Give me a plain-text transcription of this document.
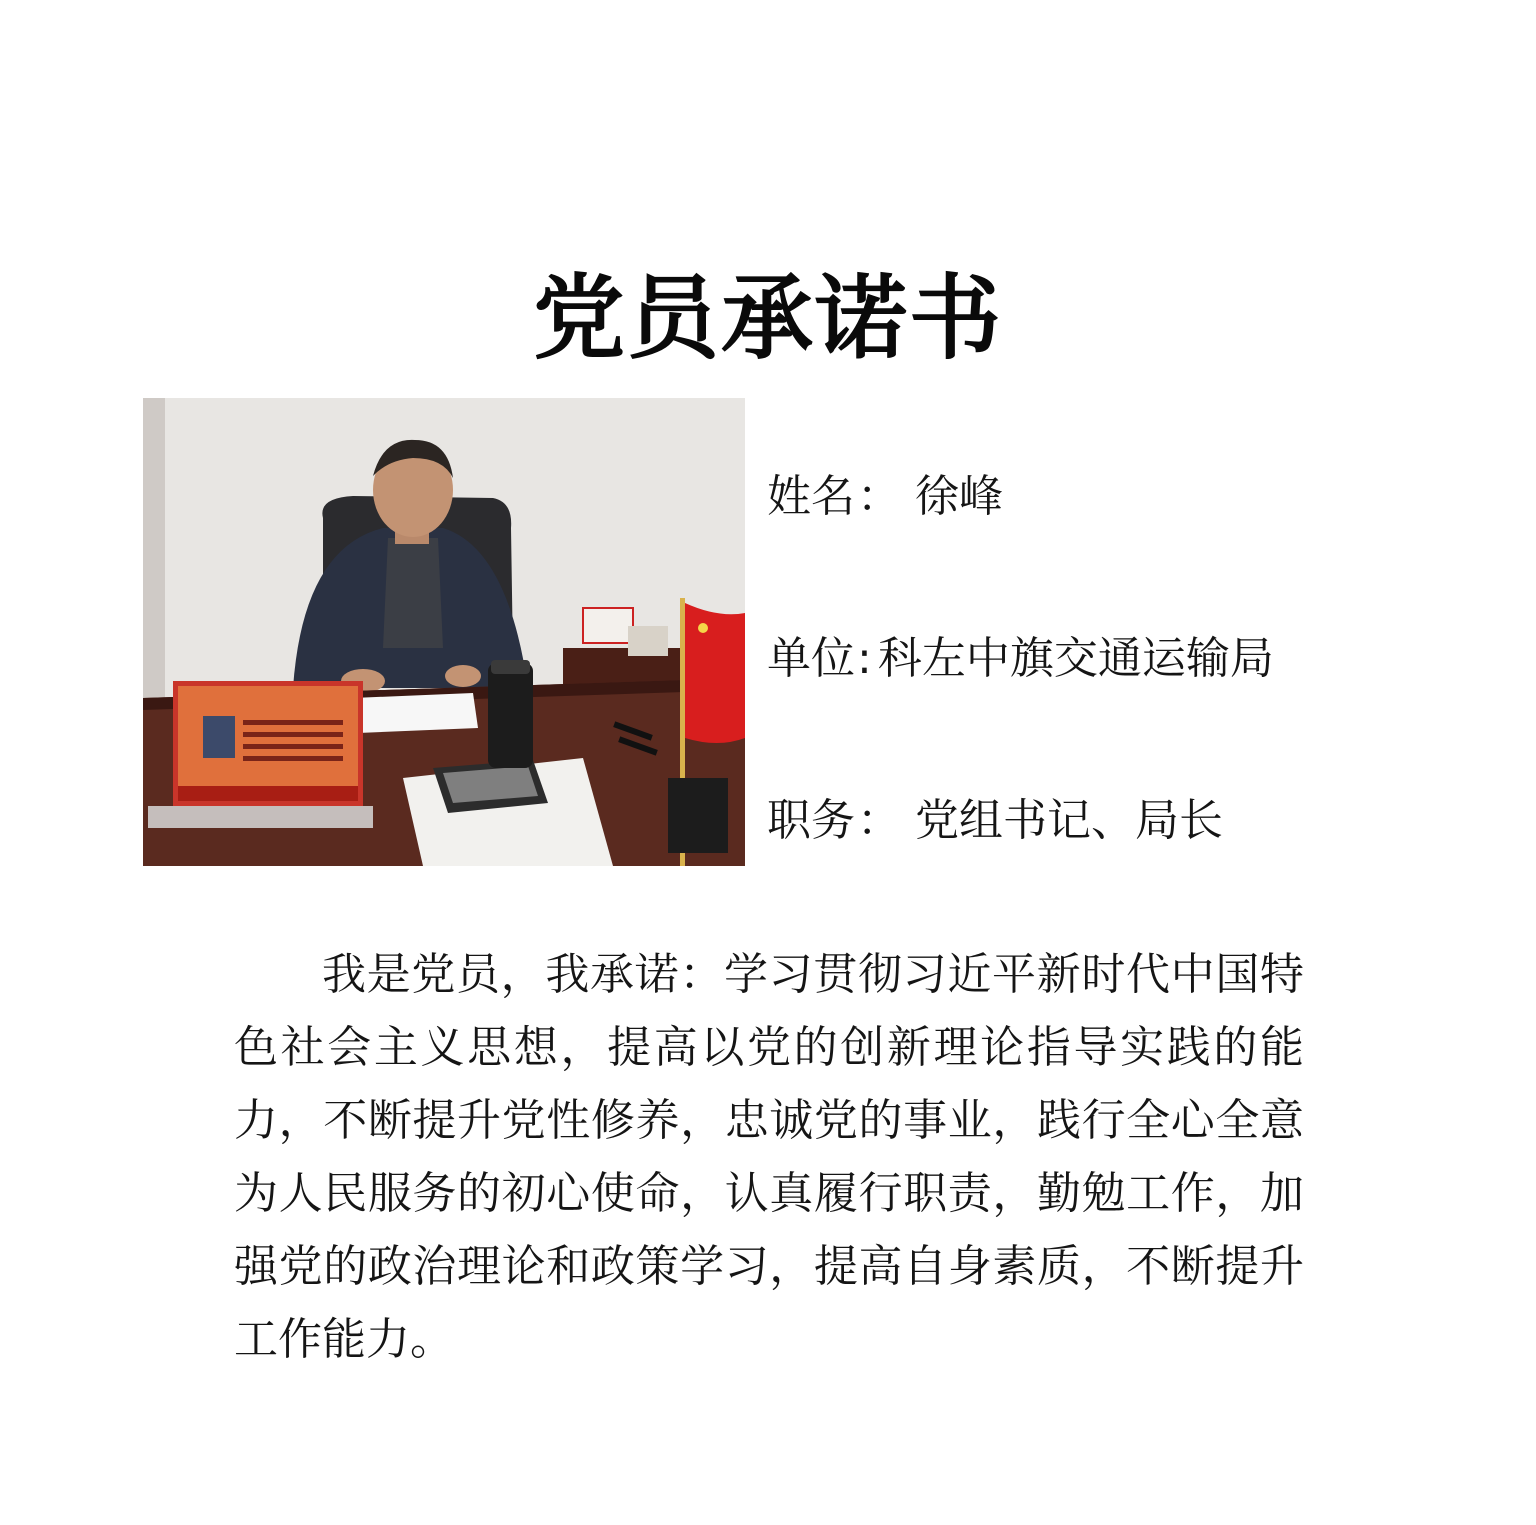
党员承诺书
姓名： 徐峰
单位: 科左中旗交通运输局
职务： 党组书记、局长
我是党员，我承诺：学习贯彻习近平新时代中国特色社会主义思想，提高以党的创新理论指导实践的能力，不断提升党性修养，忠诚党的事业，践行全心全意为人民服务的初心使命，认真履行职责，勤勉工作，加强党的政治理论和政策学习，提高自身素质，不断提升工作能力。
